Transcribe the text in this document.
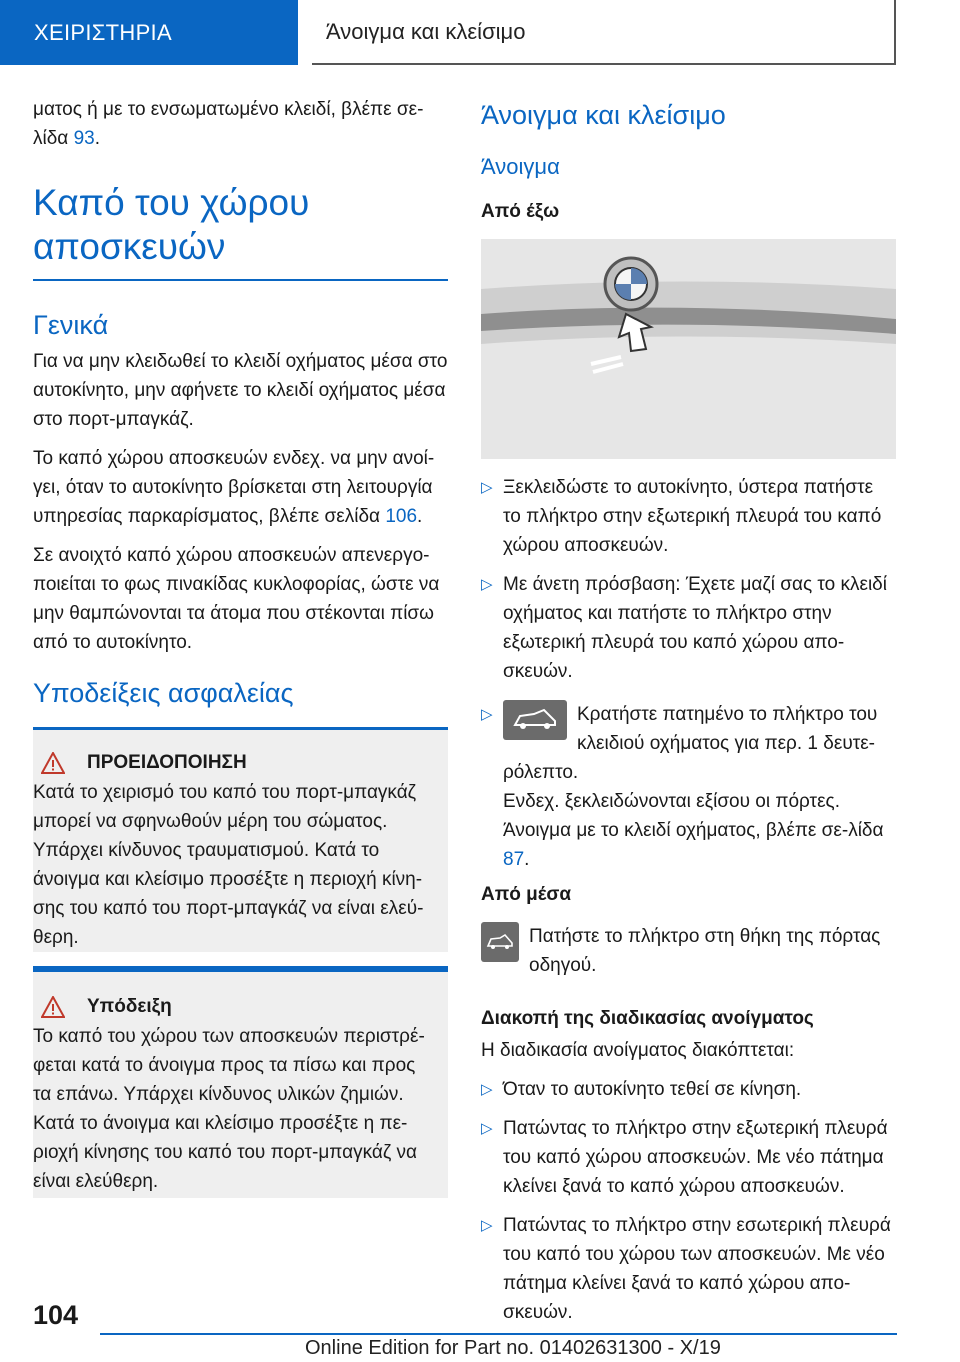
ΧΕΙΡΙΣΤΗΡΙΑ	Άνοιγμα και κλείσιμο

ματος ή με το ενσωματωμένο κλειδί, βλέπε σε-λίδα 93.

Καπό του χώρου αποσκευών
Γενικά

Για να μην κλειδωθεί το κλειδί οχήματος μέσα στο αυτοκίνητο, μην αφήνετε το κλειδί οχήματος μέσα στο πορτ-μπαγκάζ.

Το καπό χώρου αποσκευών ενδεχ. να μην ανοί-γει, όταν το αυτοκίνητο βρίσκεται στη λειτουργία υπηρεσίας παρκαρίσματος, βλέπε σελίδα 106.

Σε ανοιχτό καπό χώρου αποσκευών απενεργο-ποιείται το φως πινακίδας κυκλοφορίας, ώστε να μην θαμπώνονται τα άτομα που στέκονται πίσω από το αυτοκίνητο.

Υποδείξεις ασφαλείας
ΠΡΟΕΙΔΟΠΟΙΗΣΗ

Κατά το χειρισμό του καπό του πορτ-μπαγκάζ μπορεί να σφηνωθούν μέρη του σώματος. Υπάρχει κίνδυνος τραυματισμού. Κατά το άνοιγμα και κλείσιμο προσέξτε η περιοχή κίνη-σης του καπό του πορτ-μπαγκάζ να είναι ελεύ-θερη.

Υπόδειξη

Το καπό του χώρου των αποσκευών περιστρέ-φεται κατά το άνοιγμα προς τα πίσω και προς τα επάνω. Υπάρχει κίνδυνος υλικών ζημιών. Κατά το άνοιγμα και κλείσιμο προσέξτε η πε-ριοχή κίνησης του καπό του πορτ-μπαγκάζ να είναι ελεύθερη.

Άνοιγμα και κλείσιμο
Άνοιγμα
Από έξω
▷ Ξεκλειδώστε το αυτοκίνητο, ύστερα πατήστε το πλήκτρο στην εξωτερική πλευρά του καπό χώρου αποσκευών.

▷ Με άνετη πρόσβαση: Έχετε μαζί σας το κλειδί οχήματος και πατήστε το πλήκτρο στην εξωτερική πλευρά του καπό χώρου απο-σκευών.

▷	Κρατήστε πατημένο το πλήκτρο του κλειδιού οχήματος για περ. 1 δευτε-

ρόλεπτο.

Ενδεχ. ξεκλειδώνονται εξίσου οι πόρτες. Άνοιγμα με το κλειδί οχήματος, βλέπε σε-λίδα 87.

Από μέσα

Πατήστε το πλήκτρο στη θήκη της πόρτας οδηγού.

Διακοπή της διαδικασίας ανοίγματος

Η διαδικασία ανοίγματος διακόπτεται:

▷ Όταν το αυτοκίνητο τεθεί σε κίνηση.

▷ Πατώντας το πλήκτρο στην εξωτερική πλευρά του καπό χώρου αποσκευών. Με νέο πάτημα κλείνει ξανά το καπό χώρου αποσκευών.

▷ Πατώντας το πλήκτρο στην εσωτερική πλευρά του καπό του χώρου των αποσκευών. Με νέο πάτημα κλείνει ξανά το καπό χώρου απο-σκευών.

104
Online Edition for Part no. 01402631300 - X/19
